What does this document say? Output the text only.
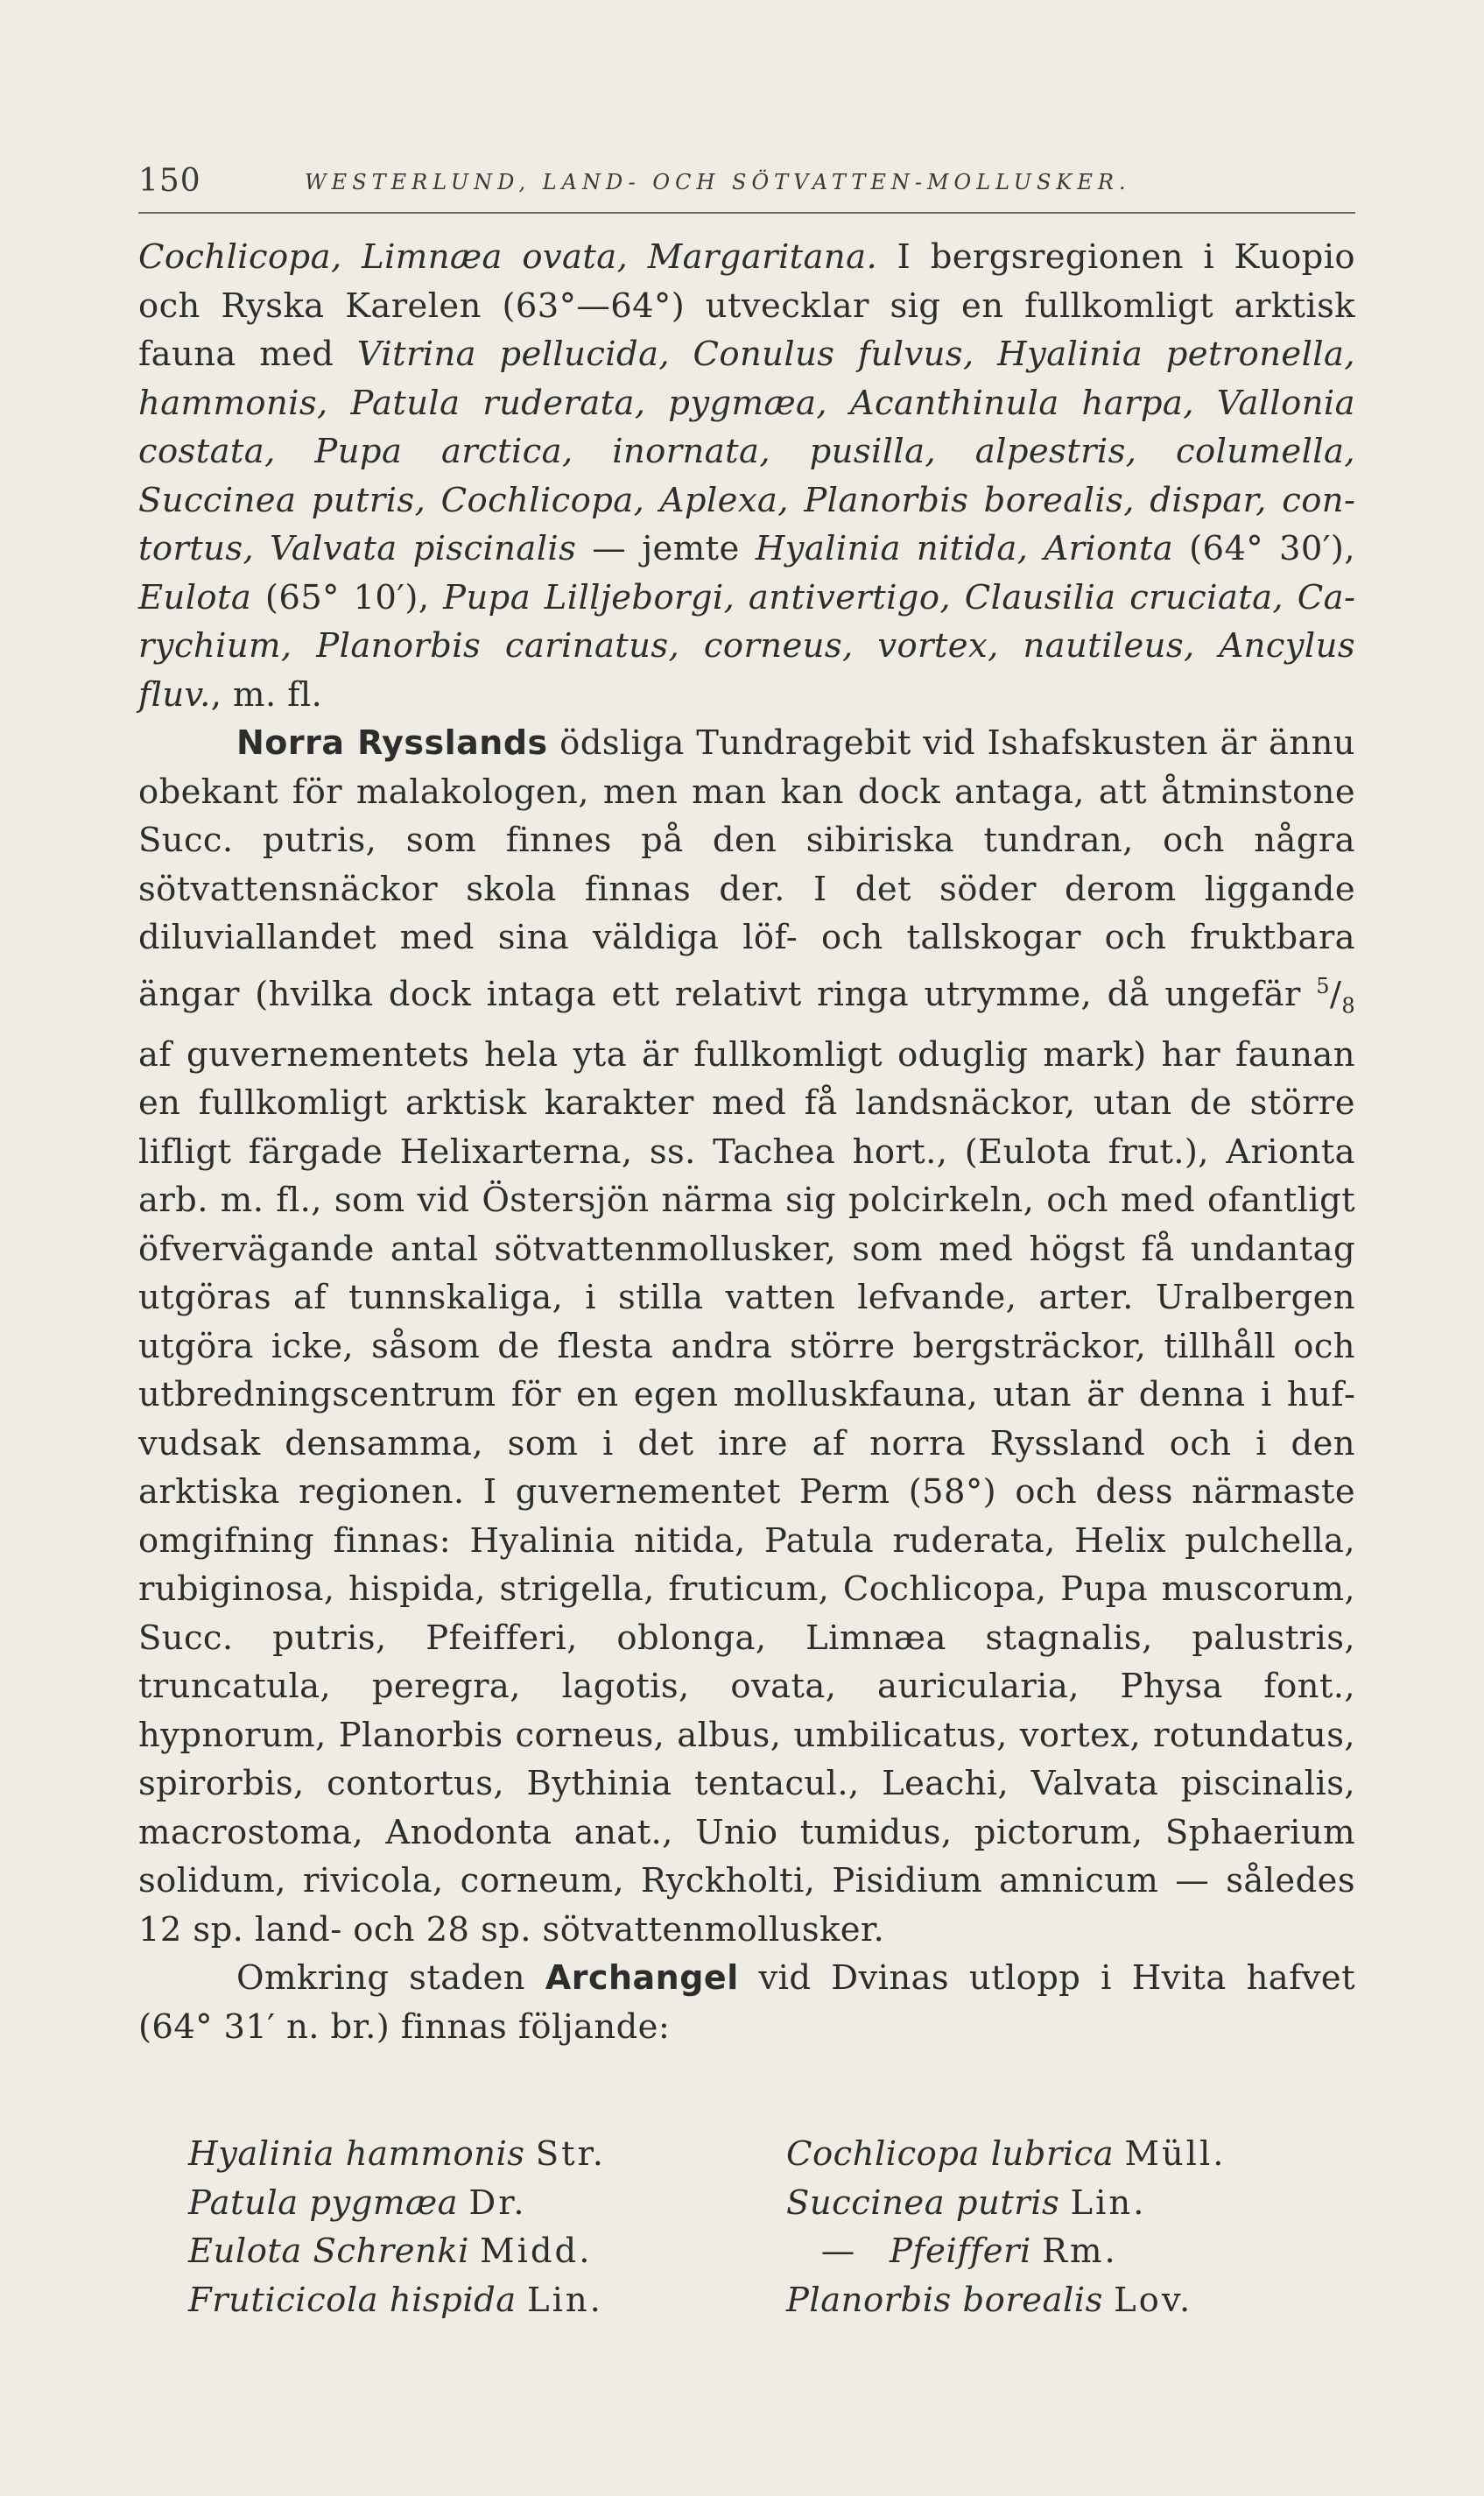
150	WESTERLUND, LAND- OCH SÖTVATTEN-MOLLUSKER.

Cochlicopa, Limnæa ovata, Margaritana. I bergsregionen i Kuopio och Ryska Karelen (63°—64°) utvecklar sig en fullkomligt arktisk fauna med Vitrina pellucida, Conulus fulvus, Hyalinia petronella, hammonis, Patula ruderata, pygmæa, Acanthinula harpa, Vallonia costata, Pupa arctica, inornata, pusilla, alpestris, columella, Succinea putris, Cochlicopa, Aplexa, Planorbis borealis, dispar, contortus, Valvata piscinalis — jemte Hyalinia nitida, Arionta (64° 30′), Eulota (65° 10′), Pupa Lilljeborgi, antivertigo, Clausilia cruciata, Carychium, Planorbis carinatus, corneus, vortex, nautileus, Ancylus fluv., m. fl.

Norra Rysslands ödsliga Tundragebit vid Ishafskusten är ännu obekant för malakologen, men man kan dock antaga, att åtminstone Succ. putris, som finnes på den sibiriska tundran, och några sötvattensnäckor skola finnas der. I det söder derom liggande diluviallandet med sina väldiga löf- och tallskogar och fruktbara ängar (hvilka dock intaga ett relativt ringa utrymme, då ungefär $^5/_8$ af guvernementets hela yta är fullkomligt oduglig mark) har faunan en fullkomligt arktisk karakter med få landsnäckor, utan de större lifligt färgade Helixarterna, ss. Tachea hort., (Eulota frut.), Arionta arb. m. fl., som vid Östersjön närma sig polcirkeln, och med ofantligt öfvervägande antal sötvattenmollusker, som med högst få undantag utgöras af tunnskaliga, i stilla vatten lefvande, arter. Uralbergen utgöra icke, såsom de flesta andra större bergsträckor, tillhåll och utbredningscentrum för en egen molluskfauna, utan är denna i hufvudsak densamma, som i det inre af norra Ryssland och i den arktiska regionen. I guvernementet Perm (58°) och dess närmaste omgifning finnas: Hyalinia nitida, Patula ruderata, Helix pulchella, rubiginosa, hispida, strigella, fruticum, Cochlicopa, Pupa muscorum, Succ. putris, Pfeifferi, oblonga, Limnæa stagnalis, palustris, truncatula, peregra, lagotis, ovata, auricularia, Physa font., hypnorum, Planorbis corneus, albus, umbilicatus, vortex, rotundatus, spirorbis, contortus, Bythinia tentacul., Leachi, Valvata piscinalis, macrostoma, Anodonta anat., Unio tumidus, pictorum, Sphaerium solidum, rivicola, corneum, Ryckholti, Pisidium amnicum — således 12 sp. land- och 28 sp. sötvattenmollusker.

Omkring staden Archangel vid Dvinas utlopp i Hvita hafvet (64° 31′ n. br.) finnas följande:

Hyalinia hammonis Str.	Cochlicopa lubrica Müll.
Patula pygmæa Dr.	Succinea putris Lin.
Eulota Schrenki Midd.	— Pfeifferi Rm.
Fruticicola hispida Lin.	Planorbis borealis Lov.
